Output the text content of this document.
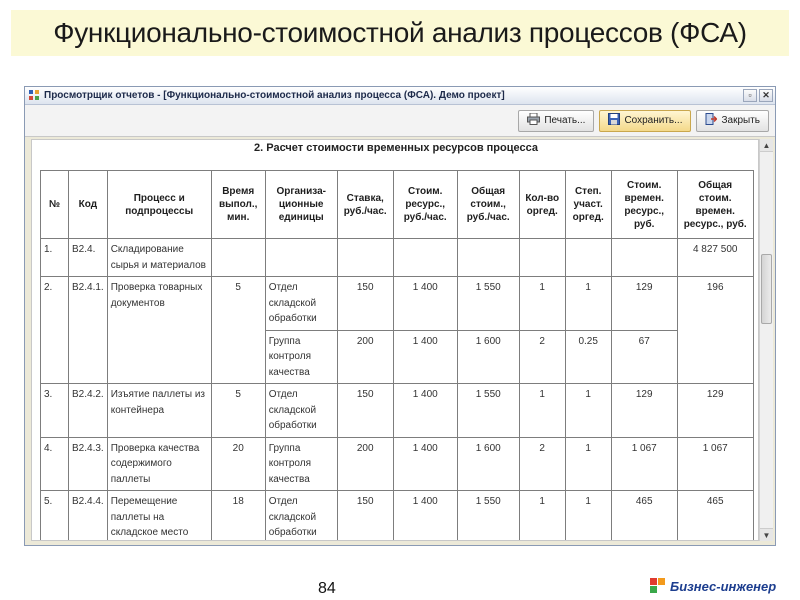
Функционально-стоимостной анализ процессов (ФСА)
Просмотрщик отчетов - [Функционально-стоимостной анализ процесса (ФСА). Демо проект]	▫	✕
Печать...	Сохранить...	Закрыть
2. Расчет стоимости временных ресурсов процесса
№	Код	Процесс и подпроцессы	Время выпол., мин.	Организа-ционные единицы	Ставка, руб./час.	Стоим. ресурс., руб./час.	Общая стоим., руб./час.	Кол-во оргед.	Степ. участ. оргед.	Стоим. времен. ресурс., руб.	Общая стоим. времен. ресурс., руб.
1.	В2.4.	Складирование сырья и материалов									4 827 500
2.	В2.4.1.	Проверка товарных документов	5	Отдел складской обработки	150	1 400	1 550	1	1	129	196
				Группа контроля качества	200	1 400	1 600	2	0.25	67	
3.	В2.4.2.	Изъятие паллеты из контейнера	5	Отдел складской обработки	150	1 400	1 550	1	1	129	129
4.	В2.4.3.	Проверка качества содержимого паллеты	20	Группа контроля качества	200	1 400	1 600	2	1	1 067	1 067
5.	В2.4.4.	Перемещение паллеты на складское место	18	Отдел складской обработки	150	1 400	1 550	1	1	465	465
▲
▼
84	Бизнес-инженер
